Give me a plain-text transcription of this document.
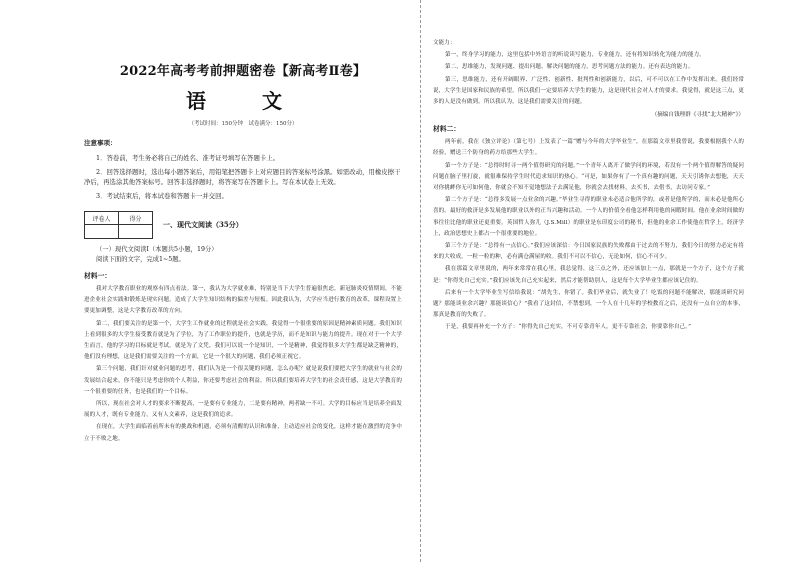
2022年高考考前押题密卷【新高考Ⅱ卷】
语　文
（考试时间：150分钟　试卷满分：150分）
注意事项：
1．答卷前，考生务必将自己的姓名、准考证号填写在答题卡上。
2．回答选择题时，选出每小题答案后，用铅笔把答题卡上对应题目的答案标号涂黑。如需改动，用橡皮擦干净后，再选涂其他答案标号。回答非选择题时，将答案写在答题卡上。写在本试卷上无效。
3．考试结束后，将本试卷和答题卡一并交回。
评卷人	得分

一、现代文阅读（35分）
（一）现代文阅读Ⅰ（本题共5小题，19分）
阅读下面的文字，完成1~5题。
材料一：

我对大学教育职业的观察有四点看法。第一，我认为大学就业难，特别是当下大学生普遍很焦虑，新冠肺炎疫情期间，不能进企业社会实践和锻炼是现实问题，造成了大学生知识结构的偏差与短板。因此我认为，大学应当进行教育的改革，课程设置上要更加调整，这是大学教育改革的方向。

第二，我们要关注的是第一个，大学生工作就业的过程就是社会实践，我觉得一个很重要的原因是精神素质问题。我们知识上看到很多的大学生接受教育就是为了学位，为了工作职位的提升，也就是学历，而不是知识与能力的提升。现在对于一个大学生而言，他的学习的目标就是考试，就是为了文凭，我们可以说一个是知识，一个是精神，我觉得很多大学生都是缺乏精神的，他们没有理想，这是我们需要关注的一个方面，它是一个很大的问题，我们必须正视它。

第三个问题，我们针对就业问题的思考，我们认为是一个很关键的问题，怎么办呢？就是说我们要把大学生的就业与社会的发展结合起来，你不能只是考虑你的个人利益，你还要考虑社会的利益。所以我们要培养大学生的社会责任感，这是大学教育的一个很重要的任务，也是我们的一个目标。

所以，现在社会对人才的要求不断提高，一是要有专业能力，二是要有精神，两者缺一不可。大学的目标应当是培养全面发展的人才，既有专业能力，又有人文素养，这是我们的追求。

在现在，大学生面临着前所未有的挑战和机遇，必须有清醒的认识和准备，主动适应社会的变化，这样才能在激烈的竞争中立于不败之地。

文能力：

第一，终身学习的能力，这里包括中外语言的听说读写能力，专业能力，还有将知识转化为能力的能力。

第二，思维能力，发现问题、提出问题、解决问题的能力，思考问题方法的能力。还有表达的能力。

第三，思维能力，还有开阔眼界、广泛性、创新性、批判性和创新能力，以后，可不可以在工作中发挥出来。我们经常说，大学生是国家和民族的希望，所以我们一定要培养大学生的能力，这是现代社会对人才的要求。我觉得，就是这三点，更多的人是没有做到。所以我认为，这是我们需要关注的问题。

（摘编自钱理群《寻找“北大精神”》）
材料二：

两年前，我在《独立评论》（第七号）上发表了一篇“赠与今年的大学毕业生”，在那篇文章里我曾说，我要根据我个人的经验，赠送三个防身的药方给那些大学生。

第一个方子是：“总得时时寻一两个值得研究的问题。”一个青年人离开了做学问的环境，若没有一个两个值得解答的疑问问题在脑子里打旋，就很难保持学生时代追求知识的热心。“可是，如果你有了一个真有趣的问题，天天引诱你去想他，天天对你挑衅你无可如何他，你就会不知不觉地想法子去满足他，你就会去找材料，去买书，去借书，去访问专家。”

第二个方子是：“总得多发展一点业余的兴趣。”毕业生寻得的职业未必适合他所学的，或者是他所学的，而未必是他所心喜的。最好的救济是多发展他的职业以外的正当兴趣和活动。一个人的价值全看他怎样利用他的闲暇时间。他在业余时间做的事往往比他的职业还更重要。英国哲人弥儿（J.S.Mill）的职业是东印度公司的秘书，但他的业余工作使他在哲学上，经济学上，政治思想史上都占一个很重要的地位。

第三个方子是：“总得有一点信心。”我们应该深信：今日国家民族的失败都由于过去的不努力，我们今日的努力必定有将来的大收成。一粒一粒的种，必有满仓满屋的收。我们不可以不信心，无论如何，信心不可少。

我在那篇文章里说的，两年来常常在我心里，我总觉得，这三点之外，还应该加上一点，那就是一个方子，这个方子就是：“你得先自己充实。”我们应该先自己充实起来，然后才能帮助别人，这是每个大学毕业生都应该记住的。

后来有一个大学毕业生写信给我说：“胡先生，你错了。我们毕业后，就失业了！吃饭的问题不能解决，那能谈研究问题？那能谈业余兴趣？那能谈信心？”我看了这封信，不禁想到，一个人在十几年的学校教育之后，还没有一点自立的本事，那真是教育的失败了。

于是，我要再补充一个方子：“你得先自己充实，不可专靠青年人，更不专靠社会，你要靠你自己。”
